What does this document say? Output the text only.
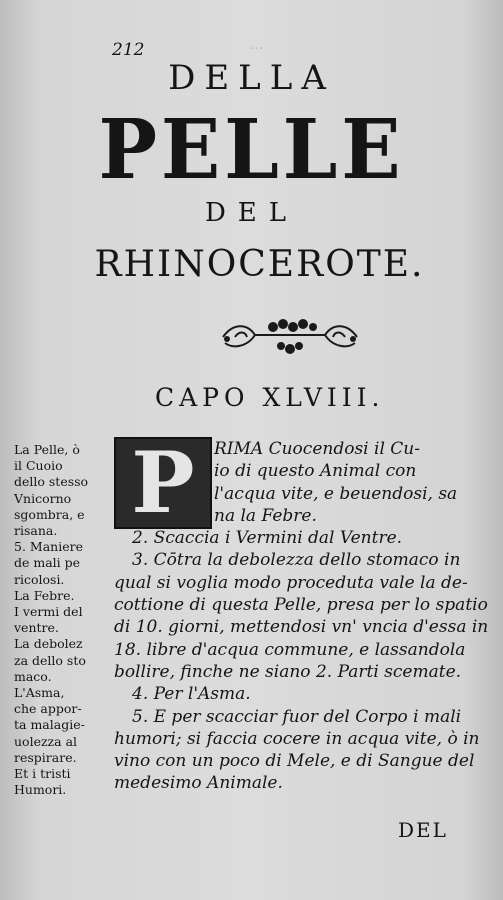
…
212
DELLA
PELLE
DEL
RHINOCEROTE.
CAPO XLVIII.
La Pelle, ò
il Cuoio
dello stesso
Vnicorno
sgombra, e
risana.
5. Maniere
de mali pe
ricolosi.
La Febre.
I vermi del
ventre.
La debolez
za dello sto
maco.
L'Asma,
che appor-
ta malagie-
uolezza al
respirare.
Et i tristi
Humori.
P	RIMA Cuocendosi il Cu-
io di questo Animal con
l'acqua vite, e beuendosi, sa
na la Febre.
2. Scaccia i Vermini dal Ventre.
3. Cōtra la debolezza dello stomaco in
qual si voglia modo proceduta vale la de-
cottione di questa Pelle, presa per lo spatio
di 10. giorni, mettendosi vn' vncia d'essa in
18. libre d'acqua commune, e lassandola
bollire, finche ne siano 2. Parti scemate.
4. Per l'Asma.
5. E per scacciar fuor del Corpo i mali
humori; si faccia cocere in acqua vite, ò in
vino con un poco di Mele, e di Sangue del
medesimo Animale.
DEL
